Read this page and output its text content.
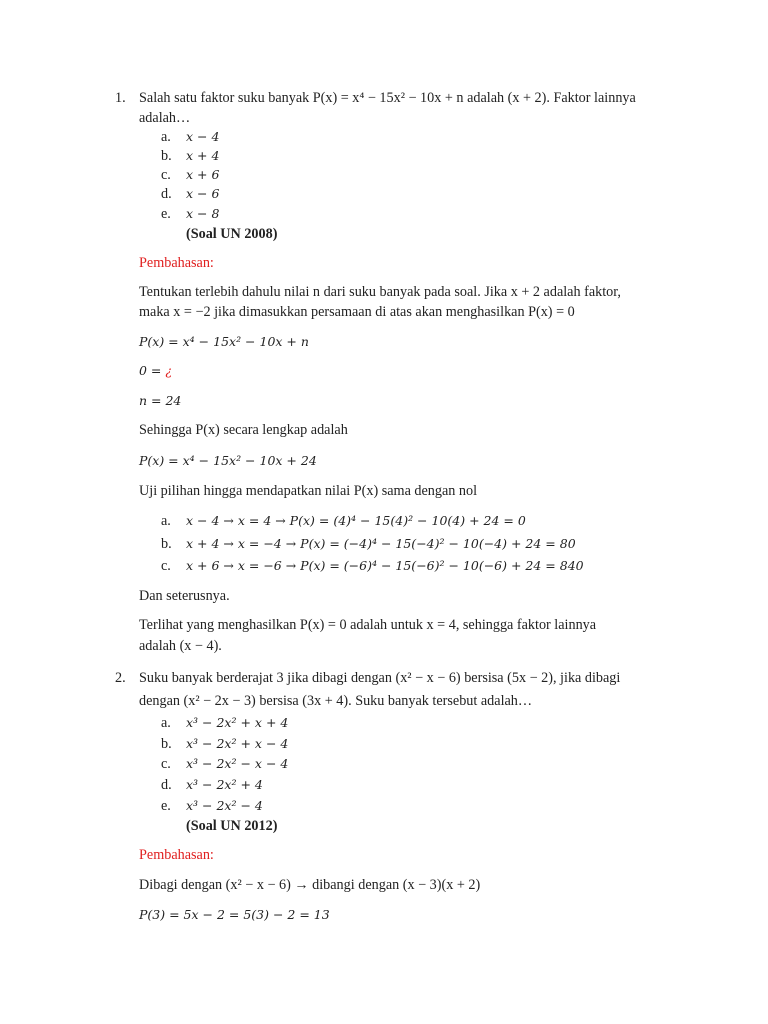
1. Salah satu faktor suku banyak P(x) = x⁴ − 15x² − 10x + n adalah (x + 2). Faktor lainnya
adalah…
a. x − 4
b. x + 4
c. x + 6
d. x − 6
e. x − 8
(Soal UN 2008)
Pembahasan:
Tentukan terlebih dahulu nilai n dari suku banyak pada soal. Jika x + 2 adalah faktor,
maka x = −2 jika dimasukkan persamaan di atas akan menghasilkan P(x) = 0
P(x) = x⁴ − 15x² − 10x + n
0 = ¿
n = 24
Sehingga P(x) secara lengkap adalah
P(x) = x⁴ − 15x² − 10x + 24
Uji pilihan hingga mendapatkan nilai P(x) sama dengan nol
a. x − 4 → x = 4 → P(x) = (4)⁴ − 15(4)² − 10(4) + 24 = 0
b. x + 4 → x = −4 → P(x) = (−4)⁴ − 15(−4)² − 10(−4) + 24 = 80
c. x + 6 → x = −6 → P(x) = (−6)⁴ − 15(−6)² − 10(−6) + 24 = 840
Dan seterusnya.
Terlihat yang menghasilkan P(x) = 0 adalah untuk x = 4, sehingga faktor lainnya
adalah (x − 4).
2. Suku banyak berderajat 3 jika dibagi dengan (x² − x − 6) bersisa (5x − 2), jika dibagi
dengan (x² − 2x − 3) bersisa (3x + 4). Suku banyak tersebut adalah…
a. x³ − 2x² + x + 4
b. x³ − 2x² + x − 4
c. x³ − 2x² − x − 4
d. x³ − 2x² + 4
e. x³ − 2x² − 4
(Soal UN 2012)
Pembahasan:
Dibagi dengan (x² − x − 6) → dibangi dengan (x − 3)(x + 2)
P(3) = 5x − 2 = 5(3) − 2 = 13
